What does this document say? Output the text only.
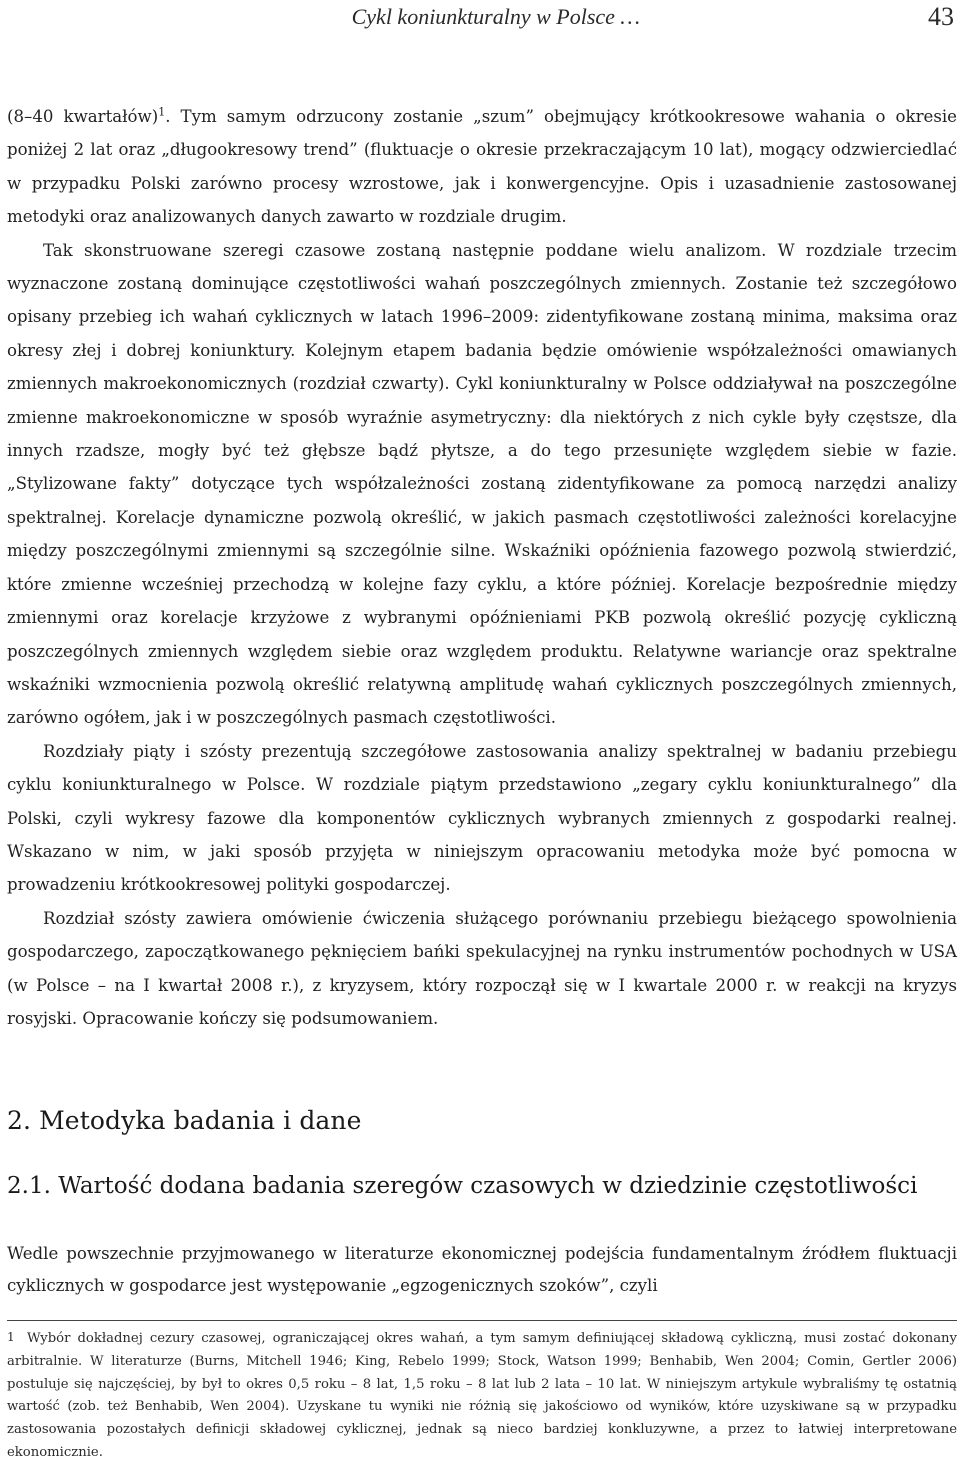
Cykl koniunkturalny w Polsce …	43

(8–40 kwartałów)$^1$. Tym samym odrzucony zostanie „szum” obejmujący krótkookresowe wahania o okresie poniżej 2 lat oraz „długookresowy trend” (fluktuacje o okresie przekraczającym 10 lat), mogący odzwierciedlać w przypadku Polski zarówno procesy wzrostowe, jak i konwergencyjne. Opis i uzasadnienie zastosowanej metodyki oraz analizowanych danych zawarto w rozdziale drugim.

Tak skonstruowane szeregi czasowe zostaną następnie poddane wielu analizom. W rozdziale trzecim wyznaczone zostaną dominujące częstotliwości wahań poszczególnych zmiennych. Zostanie też szczegółowo opisany przebieg ich wahań cyklicznych w latach 1996–2009: zidentyfikowane zostaną minima, maksima oraz okresy złej i dobrej koniunktury. Kolejnym etapem badania będzie omówienie współzależności omawianych zmiennych makroekonomicznych (rozdział czwarty). Cykl koniunkturalny w Polsce oddziaływał na poszczególne zmienne makroekonomiczne w sposób wyraźnie asymetryczny: dla niektórych z nich cykle były częstsze, dla innych rzadsze, mogły być też głębsze bądź płytsze, a do tego przesunięte względem siebie w fazie. „Stylizowane fakty” dotyczące tych współzależności zostaną zidentyfikowane za pomocą narzędzi analizy spektralnej. Korelacje dynamiczne pozwolą określić, w jakich pasmach częstotliwości zależności korelacyjne między poszczególnymi zmiennymi są szczególnie silne. Wskaźniki opóźnienia fazowego pozwolą stwierdzić, które zmienne wcześniej przechodzą w kolejne fazy cyklu, a które później. Korelacje bezpośrednie między zmiennymi oraz korelacje krzyżowe z wybranymi opóźnieniami PKB pozwolą określić pozycję cykliczną poszczególnych zmiennych względem siebie oraz względem produktu. Relatywne wariancje oraz spektralne wskaźniki wzmocnienia pozwolą określić relatywną amplitudę wahań cyklicznych poszczególnych zmiennych, zarówno ogółem, jak i w poszczególnych pasmach częstotliwości.

Rozdziały piąty i szósty prezentują szczegółowe zastosowania analizy spektralnej w badaniu przebiegu cyklu koniunkturalnego w Polsce. W rozdziale piątym przedstawiono „zegary cyklu koniunkturalnego” dla Polski, czyli wykresy fazowe dla komponentów cyklicznych wybranych zmiennych z gospodarki realnej. Wskazano w nim, w jaki sposób przyjęta w niniejszym opracowaniu metodyka może być pomocna w prowadzeniu krótkookresowej polityki gospodarczej.

Rozdział szósty zawiera omówienie ćwiczenia służącego porównaniu przebiegu bieżącego spowolnienia gospodarczego, zapoczątkowanego pęknięciem bańki spekulacyjnej na rynku instrumentów pochodnych w USA (w Polsce – na I kwartał 2008 r.), z kryzysem, który rozpoczął się w I kwartale 2000 r. w reakcji na kryzys rosyjski. Opracowanie kończy się podsumowaniem.

2. Metodyka badania i dane
2.1. Wartość dodana badania szeregów czasowych w dziedzinie częstotliwości

Wedle powszechnie przyjmowanego w literaturze ekonomicznej podejścia fundamentalnym źródłem fluktuacji cyklicznych w gospodarce jest występowanie „egzogenicznych szoków”, czyli

1 Wybór dokładnej cezury czasowej, ograniczającej okres wahań, a tym samym definiującej składową cykliczną, musi zostać dokonany arbitralnie. W literaturze (Burns, Mitchell 1946; King, Rebelo 1999; Stock, Watson 1999; Benhabib, Wen 2004; Comin, Gertler 2006) postuluje się najczęściej, by był to okres 0,5 roku – 8 lat, 1,5 roku – 8 lat lub 2 lata – 10 lat. W niniejszym artykule wybraliśmy tę ostatnią wartość (zob. też Benhabib, Wen 2004). Uzyskane tu wyniki nie różnią się jakościowo od wyników, które uzyskiwane są w przypadku zastosowania pozostałych definicji składowej cyklicznej, jednak są nieco bardziej konkluzywne, a przez to łatwiej interpretowane ekonomicznie.
